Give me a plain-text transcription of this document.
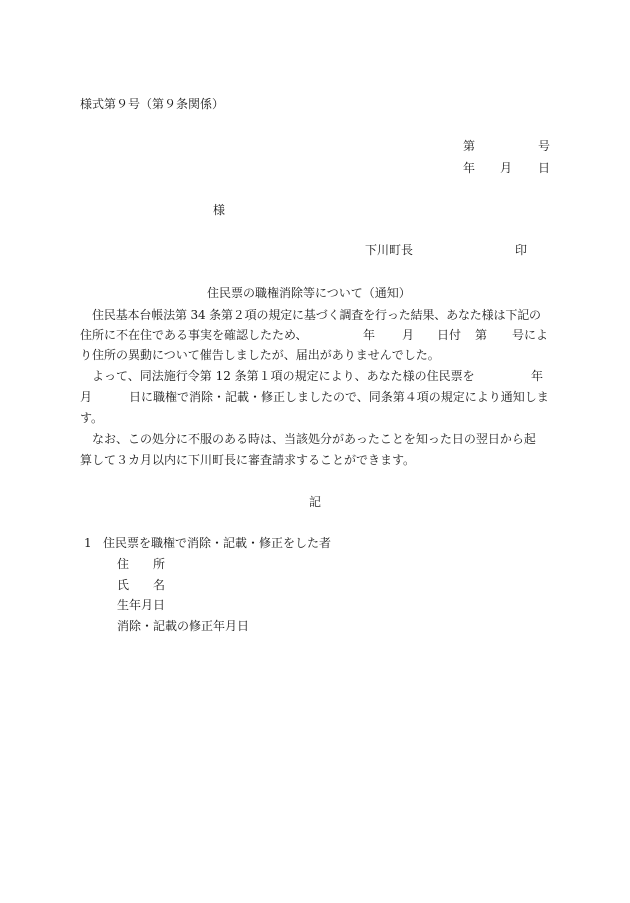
様式第９号（第９条関係）
第	号
年 月 日
様
下川町長	印
住民票の職権消除等について（通知）
住民基本台帳法第 34 条第２項の規定に基づく調査を行った結果、あなた様は下記の
住所に不在住である事実を確認したため、	年 月 日付 第 号によ
り住所の異動について催告しましたが、届出がありませんでした。
よって、同法施行令第 12 条第１項の規定により、あなた様の住民票を	年
月	日に職権で消除・記載・修正しましたので、同条第４項の規定により通知しま
す。
なお、この処分に不服のある時は、当該処分があったことを知った日の翌日から起
算して３カ月以内に下川町長に審査請求することができます。
記
1 住民票を職権で消除・記載・修正をした者
住　　所
氏　　名
生年月日
消除・記載の修正年月日
